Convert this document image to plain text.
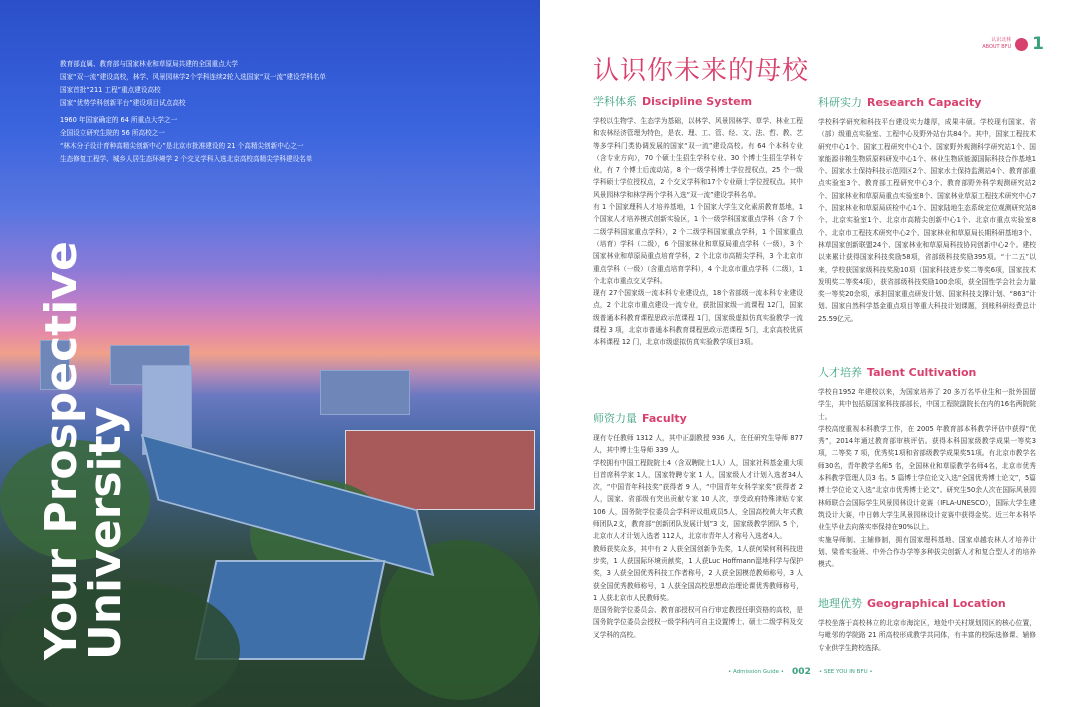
教育部直属、教育部与国家林业和草原局共建的全国重点大学
国家“双一流”建设高校，林学、风景园林学2个学科连续2轮入选国家“双一流”建设学科名单
国家首批“211 工程”重点建设高校
国家“优势学科创新平台”建设项目试点高校
1960 年国家确定的 64 所重点大学之一
全国设立研究生院的 56 所高校之一
“林木分子设计育种高精尖创新中心”是北京市批准建设的 21 个高精尖创新中心之一
生态修复工程学、城乡人居生态环境学 2 个交叉学科入选北京高校高精尖学科建设名单
Your Prospective
University
认识你未来的母校
认识北林
ABOUT BFU 1
学科体系 Discipline System
学校以生物学、生态学为基础，以林学、风景园林学、草学、林业工程和农林经济管理为特色，是农、理、工、管、经、文、法、哲、教、艺等多学科门类协调发展的国家“双一流”建设高校。有 64 个本科专业（含专业方向），70 个硕士生招生学科专业、30 个博士生招生学科专业，有 7 个博士后流动站，8 个一级学科博士学位授权点，25 个一级学科硕士学位授权点，2 个交叉学科和17个专业硕士学位授权点。其中风景园林学和林学两个学科入选“双一流”建设学科名单。
有 1 个国家理科人才培养基地，1 个国家大学生文化素质教育基地，1 个国家人才培养模式创新实验区，1 个一级学科国家重点学科（含 7 个二级学科国家重点学科），2 个二级学科国家重点学科，1 个国家重点（培育）学科（二级），6 个国家林业和草原局重点学科（一级），3 个国家林业和草原局重点培育学科，2 个北京市高精尖学科，3 个北京市重点学科（一级）（含重点培育学科），4 个北京市重点学科（二级），1 个北京市重点交叉学科。
现有 27个国家级一流本科专业建设点，18个省部级一流本科专业建设点，2 个北京市重点建设一流专业，获批国家级一流课程 12门，国家级普通本科教育课程思政示范课程 1门，国家级虚拟仿真实验教学一流课程 3 项，北京市普通本科教育课程思政示范课程 5门，北京高校优质本科课程 12 门，北京市级虚拟仿真实验教学项目3项。
师资力量 Faculty
现有专任教师 1312 人，其中正副教授 936 人，在任研究生导师 877 人，其中博士生导师 339 人。
学校拥有中国工程院院士4（含双聘院士1人）人，国家社科基金重大项目首席科学家 1人，国家特聘专家 1 人，国家级人才计划入选者34人次，“中国青年科技奖”获得者 9 人，“中国青年女科学家奖”获得者 2人，国家、省部级有突出贡献专家 10 人次，享受政府特殊津贴专家 106 人，国务院学位委员会学科评议组成员5人，全国高校黄大年式教师团队2支，教育部“创新团队发展计划”3 支，国家级教学团队 5 个，北京市人才计划入选者 112人，北京市青年人才称号入选者4人。
教师获奖众多，其中有 2 人获全国创新争先奖，1人获何梁何利科技进步奖，1 人获国际环境贡献奖，1 人获Luc Hoffmann湿地科学与保护奖，3 人获全国优秀科技工作者称号，2 人获全国模范教师称号，3 人获全国优秀教师称号，1 人获全国高校思想政治理论课优秀教师称号，1 人获北京市人民教师奖。
是国务院学位委员会、教育部授权可自行审定教授任职资格的高校，是国务院学位委员会授权一级学科内可自主设置博士、硕士二级学科及交叉学科的高校。
科研实力 Research Capacity
学校科学研究和科技平台建设实力雄厚，成果丰硕。学校现有国家、省（部）级重点实验室、工程中心及野外站台共84个。其中，国家工程技术研究中心1个、国家工程研究中心1个、国家野外观测科学研究站1个、国家能源非粮生物质原料研发中心1个、林业生物质能源国际科技合作基地1个、国家水土保持科技示范园区2个、国家水土保持监测站4个、教育部重点实验室3个、教育部工程研究中心3个、教育部野外科学观测研究站2个、国家林业和草原局重点实验室8个、国家林业草原工程技术研究中心7个、国家林业和草原局质检中心1个、国家陆地生态系统定位观测研究站8个、北京实验室1个、北京市高精尖创新中心1个、北京市重点实验室8个、北京市工程技术研究中心2个、国家林业和草原局长期科研基地3个、林草国家创新联盟24个、国家林业和草原局科技协同创新中心2个。建校以来累计获得国家科技奖励58项，省部级科技奖励395项。“十二五”以来，学校获国家级科技奖励10项（国家科技进步奖二等奖6项，国家技术发明奖二等奖4项），获省部级科技奖励100余项，获全国性学会社会力量奖一等奖20余项，承担国家重点研发计划、国家科技支撑计划、“863”计划、国家自然科学基金重点项目等重大科技计划课题，到账科研经费总计25.59亿元。
人才培养 Talent Cultivation
学校自1952 年建校以来，为国家培养了 20 多万名毕业生和一批外国留学生，其中包括原国家科技部部长，中国工程院副院长在内的16名两院院士。
学校高度重视本科教学工作，在 2005 年教育部本科教学评估中获得“优秀”，2014年通过教育部审核评估。获得本科国家级教学成果一等奖3 项，二等奖 7 项，优秀奖1项和省部级教学成果奖51项。有北京市教学名师30名，青年教学名师5 名，全国林业和草原教学名师4名，北京市优秀本科教学管理人员3 名。5 篇博士学位论文入选“全国优秀博士论文”，5篇博士学位论文入选“北京市优秀博士论文”。研究生50余人次在国际风景园林师联合会国际学生风景园林设计竞赛（IFLA-UNESCO），国际大学生建筑设计大赛，中日韩大学生风景园林设计竞赛中获得金奖。近三年本科毕业生毕业去向落实率保持在90%以上。
实施导师制、主辅修制，拥有国家理科基地、国家卓越农林人才培养计划、梁希实验班、中外合作办学等多种拔尖创新人才和复合型人才的培养模式。
地理优势 Geographical Location
学校坐落于高校林立的北京市海淀区，地处中关村规划园区的核心位置，与毗邻的学院路 21 所高校形成教学共同体，有丰富的校际选修课、辅修专业供学生跨校选择。
• Admission Guide • 002 • SEE YOU IN BFU •
